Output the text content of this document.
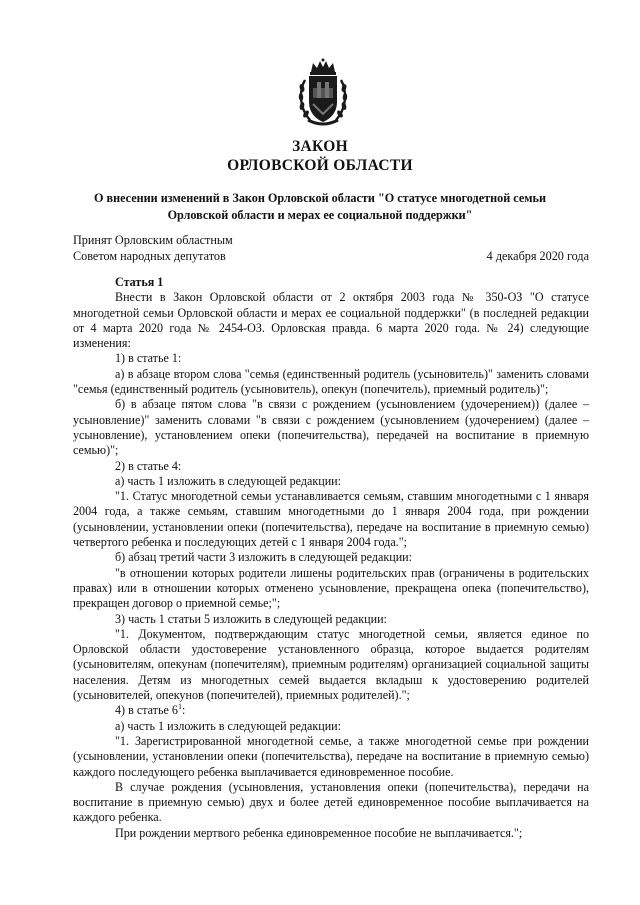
ЗАКОН
ОРЛОВСКОЙ ОБЛАСТИ
О внесении изменений в Закон Орловской области "О статусе многодетной семьи Орловской области и мерах ее социальной поддержки"
Принят Орловским областным
Советом народных депутатов	4 декабря 2020 года

Статья 1

Внести в Закон Орловской области от 2 октября 2003 года № 350-ОЗ "О статусе многодетной семьи Орловской области и мерах ее социальной поддержки" (в последней редакции от 4 марта 2020 года № 2454-ОЗ. Орловская правда. 6 марта 2020 года. № 24) следующие изменения:

1) в статье 1:

а) в абзаце втором слова "семья (единственный родитель (усыновитель)" заменить словами "семья (единственный родитель (усыновитель), опекун (попечитель), приемный родитель)";

б) в абзаце пятом слова "в связи с рождением (усыновлением (удочерением)) (далее – усыновление)" заменить словами "в связи с рождением (усыновлением (удочерением) (далее – усыновление), установлением опеки (попечительства), передачей на воспитание в приемную семью)";

2) в статье 4:

а) часть 1 изложить в следующей редакции:

"1. Статус многодетной семьи устанавливается семьям, ставшим многодетными с 1 января 2004 года, а также семьям, ставшим многодетными до 1 января 2004 года, при рождении (усыновлении, установлении опеки (попечительства), передаче на воспитание в приемную семью) четвертого ребенка и последующих детей с 1 января 2004 года.";

б) абзац третий части 3 изложить в следующей редакции:

"в отношении которых родители лишены родительских прав (ограничены в родительских правах) или в отношении которых отменено усыновление, прекращена опека (попечительство), прекращен договор о приемной семье;";

3) часть 1 статьи 5 изложить в следующей редакции:

"1. Документом, подтверждающим статус многодетной семьи, является единое по Орловской области удостоверение установленного образца, которое выдается родителям (усыновителям, опекунам (попечителям), приемным родителям) организацией социальной защиты населения. Детям из многодетных семей выдается вкладыш к удостоверению родителей (усыновителей, опекунов (попечителей), приемных родителей).";

4) в статье $6^1$:

а) часть 1 изложить в следующей редакции:

"1. Зарегистрированной многодетной семье, а также многодетной семье при рождении (усыновлении, установлении опеки (попечительства), передаче на воспитание в приемную семью) каждого последующего ребенка выплачивается единовременное пособие.

В случае рождения (усыновления, установления опеки (попечительства), передачи на воспитание в приемную семью) двух и более детей единовременное пособие выплачивается на каждого ребенка.

При рождении мертвого ребенка единовременное пособие не выплачивается.";
